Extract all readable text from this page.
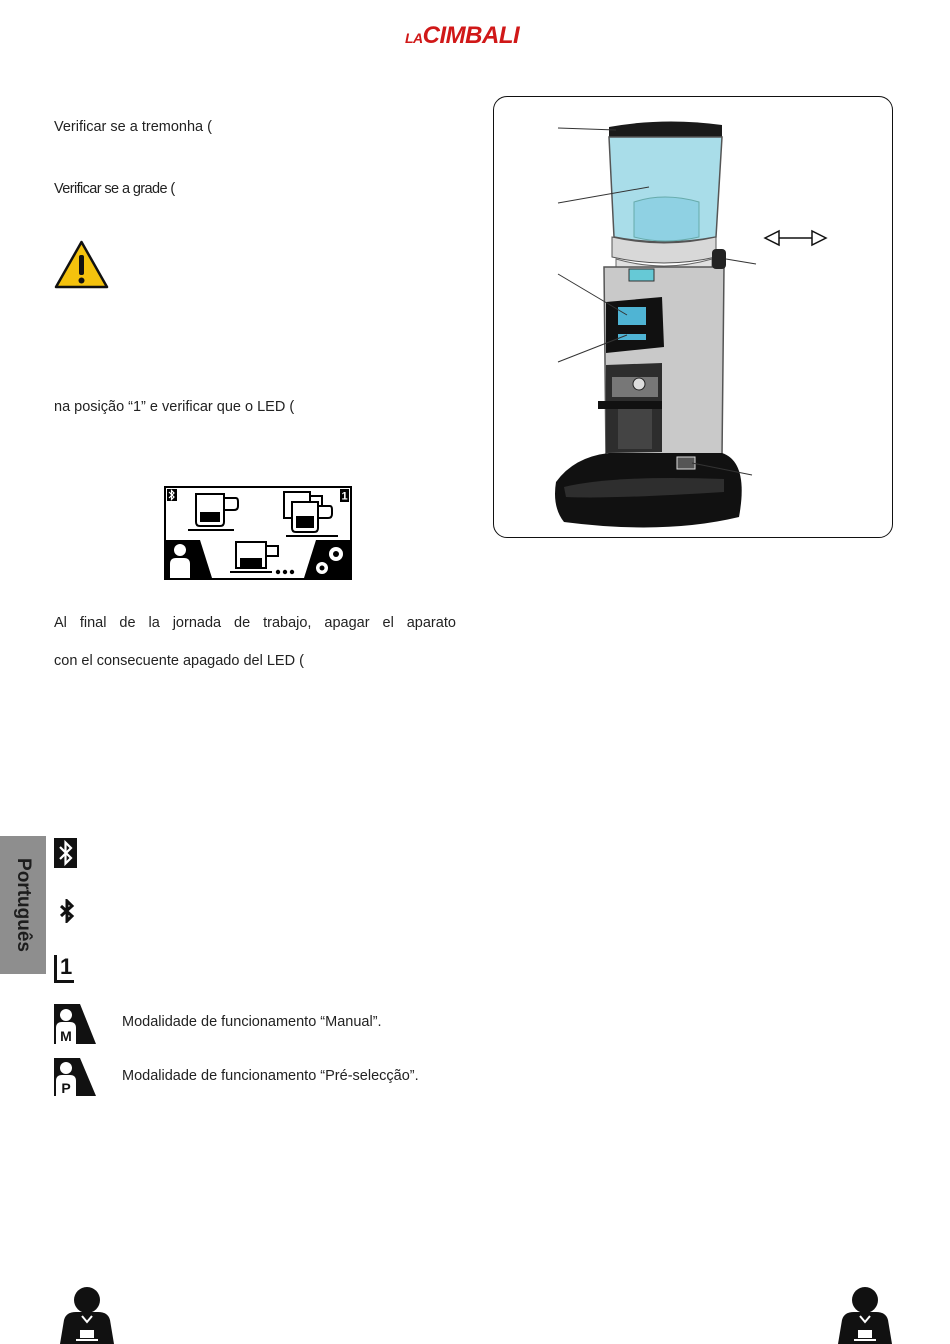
LACIMBALI
Verificar se a tremonha (
Verificar se a grade (
na posição “1” e verificar que o LED (
1
Al final de la jornada de trabajo, apagar el aparato
con el consecuente apagado del LED (
Português
1
M
Modalidade de funcionamento “Manual”.
P
Modalidade de funcionamento “Pré-selecção”.
